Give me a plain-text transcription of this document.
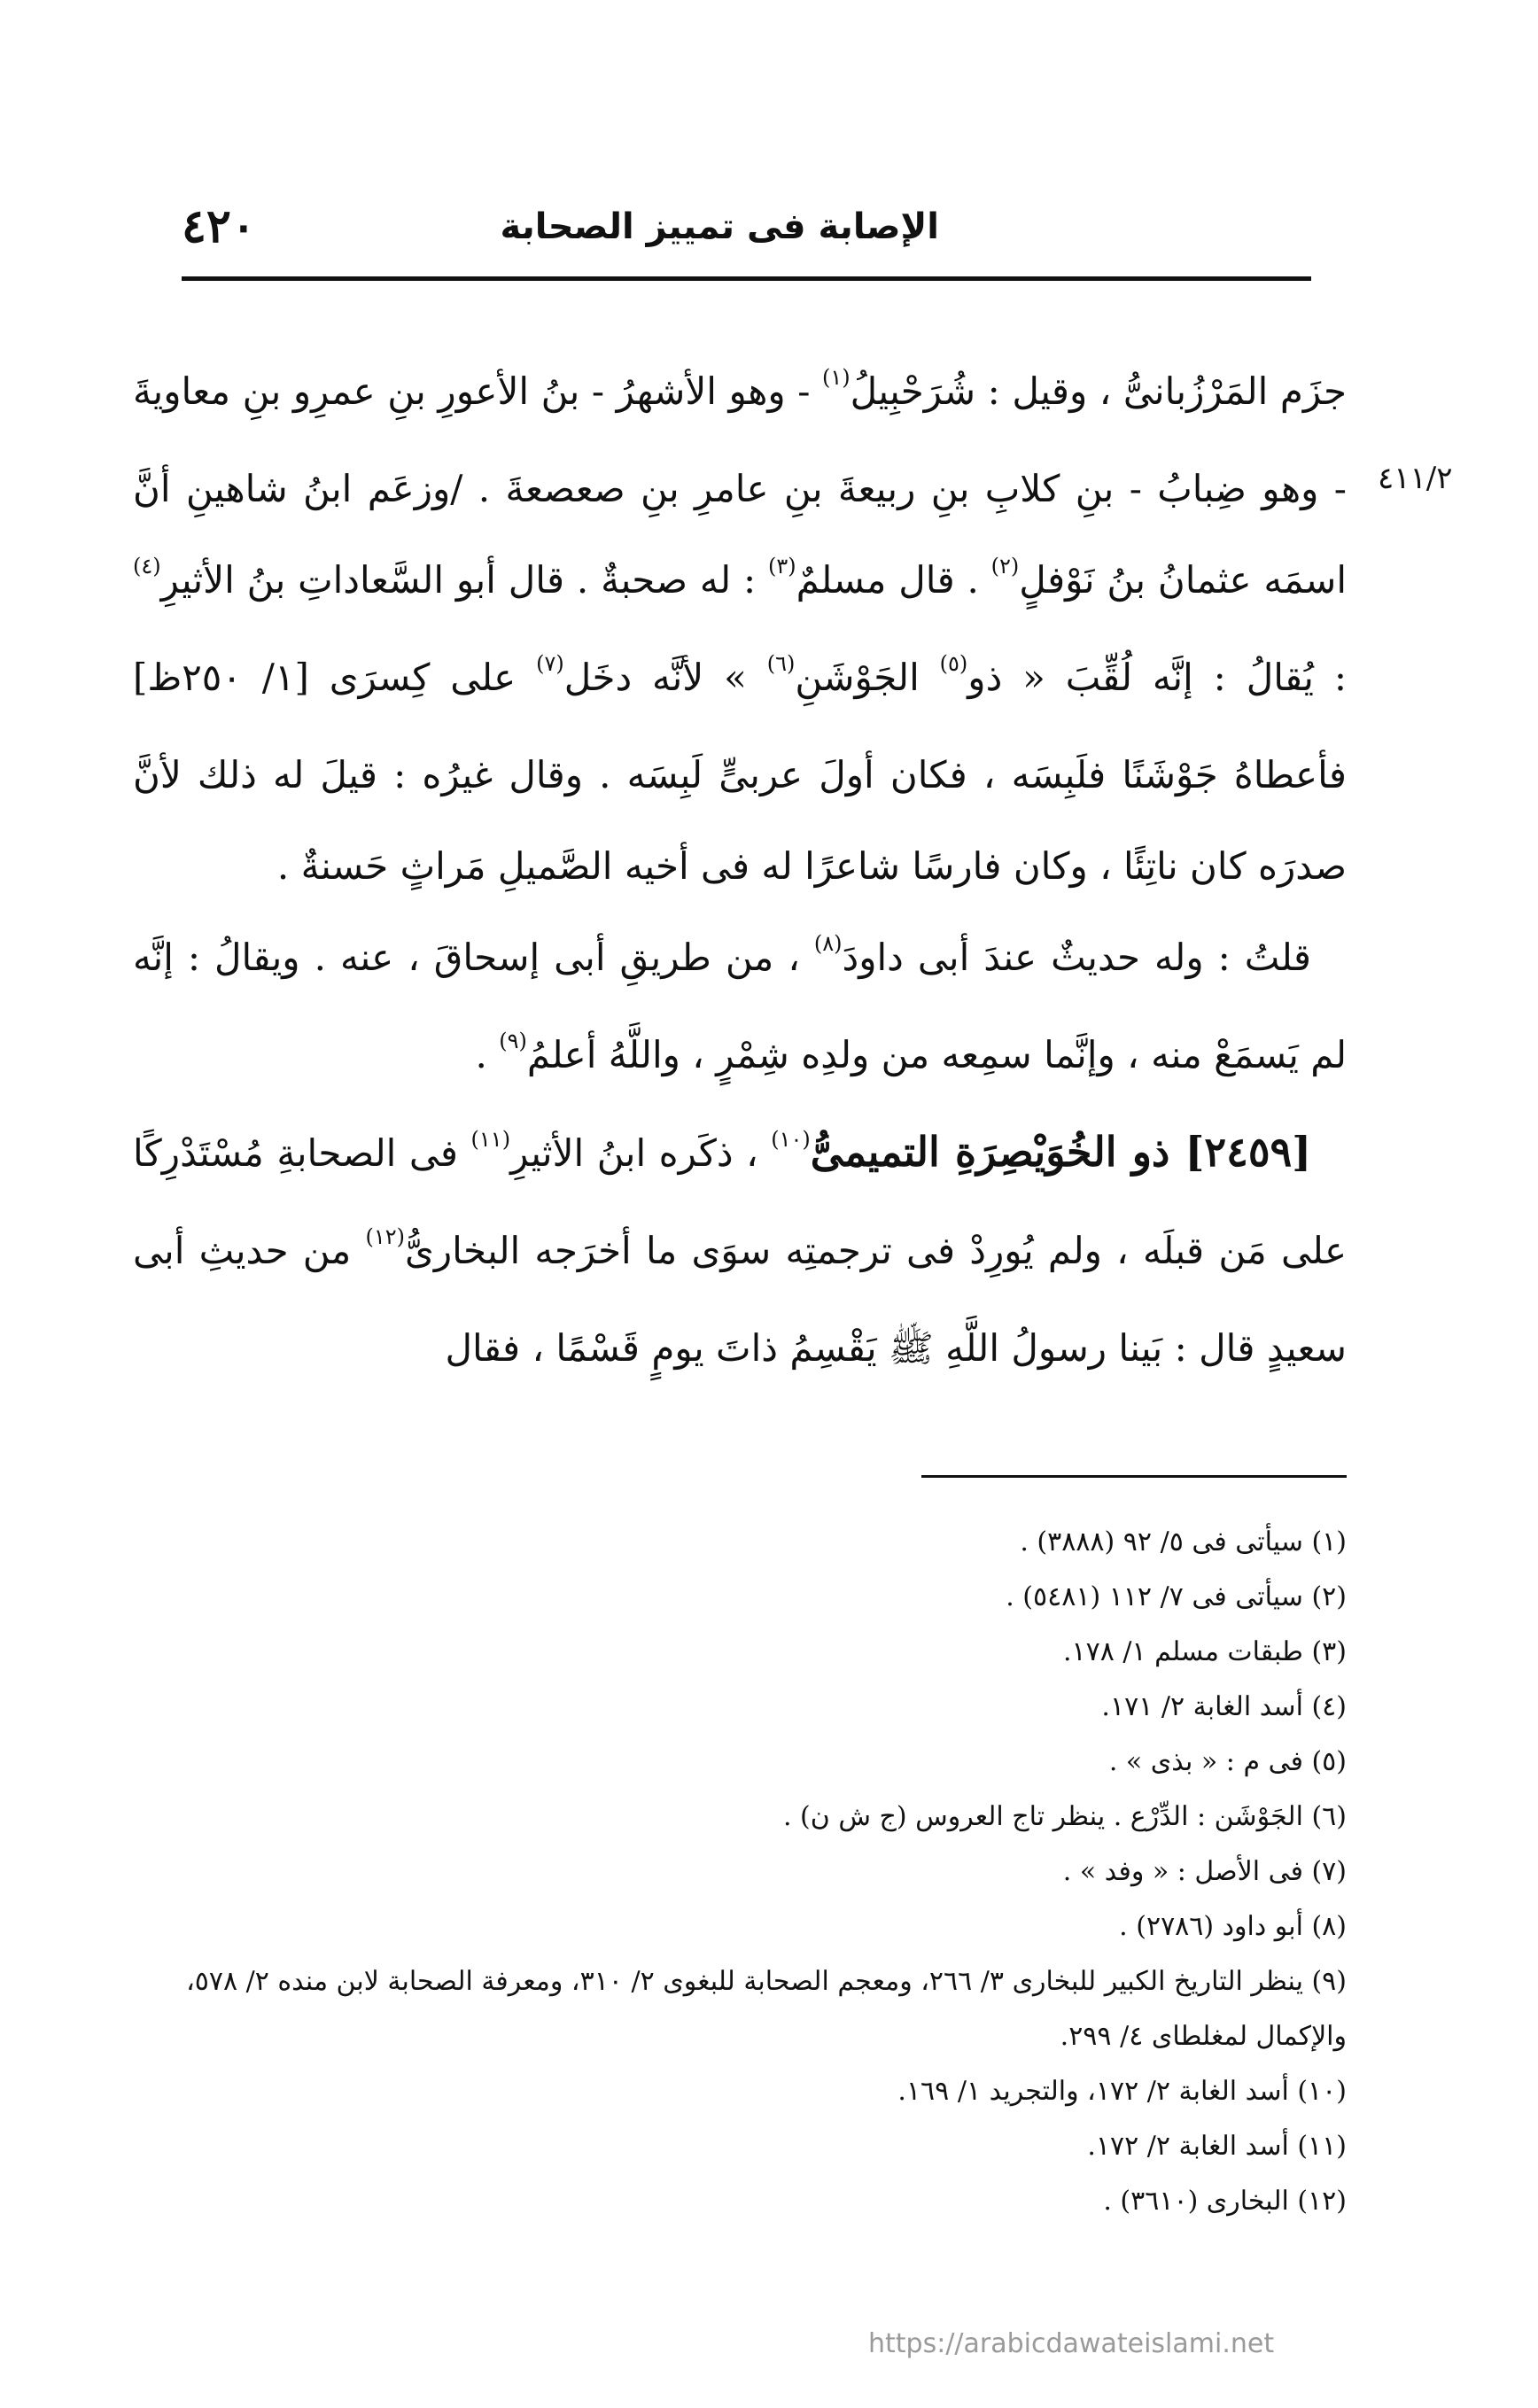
٤٢٠	الإصابة فى تمييز الصحابة
٤١١/٢

جزَم المَرْزُبانىُّ ، وقيل : شُرَحْبِيلُ$^{(١)}$ - وهو الأشهرُ - بنُ الأعورِ بنِ عمرِو بنِ معاويةَ - وهو ضِبابُ - بنِ كلابِ بنِ ربيعةَ بنِ عامرِ بنِ صعصعةَ . /وزعَم ابنُ شاهينِ أنَّ اسمَه عثمانُ بنُ نَوْفلٍ$^{(٢)}$ . قال مسلمٌ$^{(٣)}$ : له صحبةٌ . قال أبو السَّعاداتِ بنُ الأثيرِ$^{(٤)}$ : يُقالُ : إنَّه لُقِّبَ « ذو$^{(٥)}$ الجَوْشَنِ$^{(٦)}$ » لأنَّه دخَل$^{(٧)}$ على كِسرَى [١/ ٢٥٠ظ] فأعطاهُ جَوْشَنًا فلَبِسَه ، فكان أولَ عربىٍّ لَبِسَه . وقال غيرُه : قيلَ له ذلك لأنَّ صدرَه كان ناتِئًا ، وكان فارسًا شاعرًا له فى أخيه الصَّميلِ مَراثٍ حَسنةٌ .

قلتُ : وله حديثٌ عندَ أبى داودَ$^{(٨)}$ ، من طريقِ أبى إسحاقَ ، عنه . ويقالُ : إنَّه لم يَسمَعْ منه ، وإنَّما سمِعه من ولدِه شِمْرٍ ، واللَّهُ أعلمُ$^{(٩)}$ .

[٢٤٥٩] ذو الخُوَيْصِرَةِ التميمىُّ$^{(١٠)}$ ، ذكَره ابنُ الأثيرِ$^{(١١)}$ فى الصحابةِ مُسْتَدْرِكًا على مَن قبلَه ، ولم يُورِدْ فى ترجمتِه سوَى ما أخرَجه البخارىُّ$^{(١٢)}$ من حديثِ أبى سعيدٍ قال : بَينا رسولُ اللَّهِ ﷺ يَقْسِمُ ذاتَ يومٍ قَسْمًا ، فقال

(١) سيأتى فى ٥/ ٩٢ (٣٨٨٨) .

(٢) سيأتى فى ٧/ ١١٢ (٥٤٨١) .

(٣) طبقات مسلم ١/ ١٧٨.

(٤) أسد الغابة ٢/ ١٧١.

(٥) فى م : « بذى » .

(٦) الجَوْشَن : الدِّرْع . ينظر تاج العروس (ج ش ن) .

(٧) فى الأصل : « وفد » .

(٨) أبو داود (٢٧٨٦) .

(٩) ينظر التاريخ الكبير للبخارى ٣/ ٢٦٦، ومعجم الصحابة للبغوى ٢/ ٣١٠، ومعرفة الصحابة لابن منده ٢/ ٥٧٨، والإكمال لمغلطاى ٤/ ٢٩٩.

(١٠) أسد الغابة ٢/ ١٧٢، والتجريد ١/ ١٦٩.

(١١) أسد الغابة ٢/ ١٧٢.

(١٢) البخارى (٣٦١٠) .

https://arabicdawateislami.net
